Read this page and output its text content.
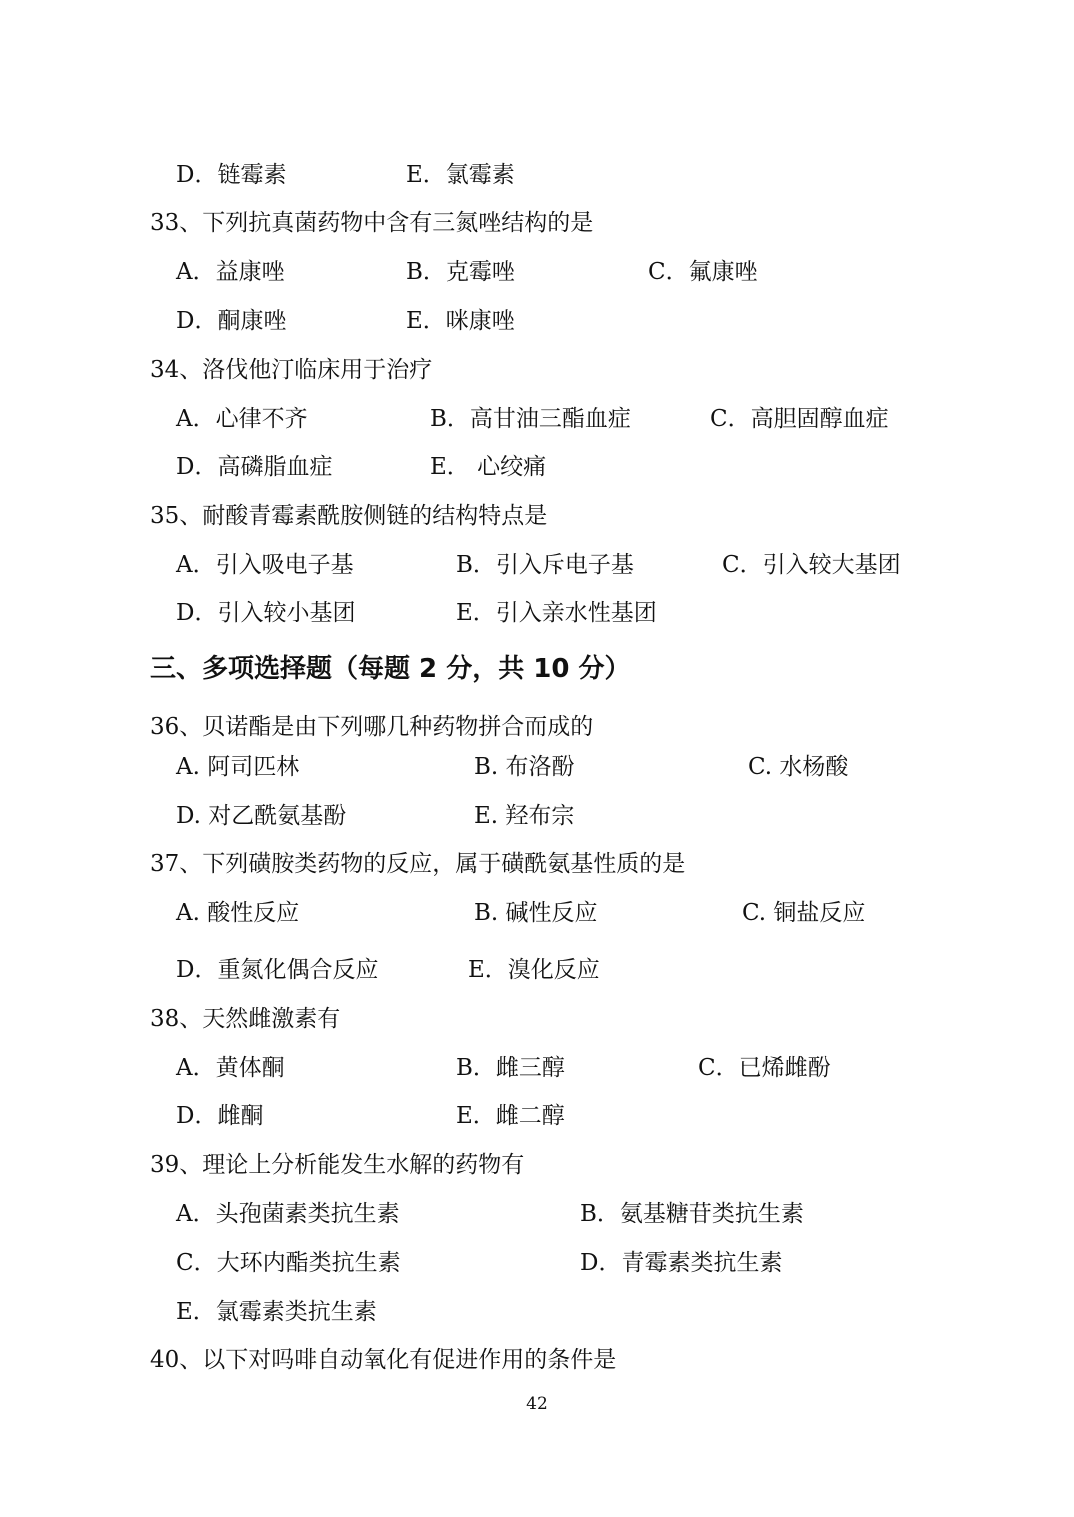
D．链霉素	E．氯霉素
33、下列抗真菌药物中含有三氮唑结构的是
A．益康唑	B．克霉唑	C．氟康唑
D．酮康唑	E．咪康唑
34、洛伐他汀临床用于治疗
A．心律不齐	B．高甘油三酯血症	C．高胆固醇血症
D．高磷脂血症	E． 心绞痛
35、耐酸青霉素酰胺侧链的结构特点是
A．引入吸电子基	B．引入斥电子基	C．引入较大基团
D．引入较小基团	E．引入亲水性基团
三、多项选择题（每题 2 分，共 10 分）
36、贝诺酯是由下列哪几种药物拼合而成的
A. 阿司匹林	B. 布洛酚	C. 水杨酸
D. 对乙酰氨基酚	E. 羟布宗
37、下列磺胺类药物的反应，属于磺酰氨基性质的是
A. 酸性反应	B. 碱性反应	C. 铜盐反应
D．重氮化偶合反应	E．溴化反应
38、天然雌激素有
A．黄体酮	B．雌三醇	C．已烯雌酚
D．雌酮	E．雌二醇
39、理论上分析能发生水解的药物有
A．头孢菌素类抗生素	B．氨基糖苷类抗生素
C．大环内酯类抗生素	D．青霉素类抗生素
E．氯霉素类抗生素
40、以下对吗啡自动氧化有促进作用的条件是
42
